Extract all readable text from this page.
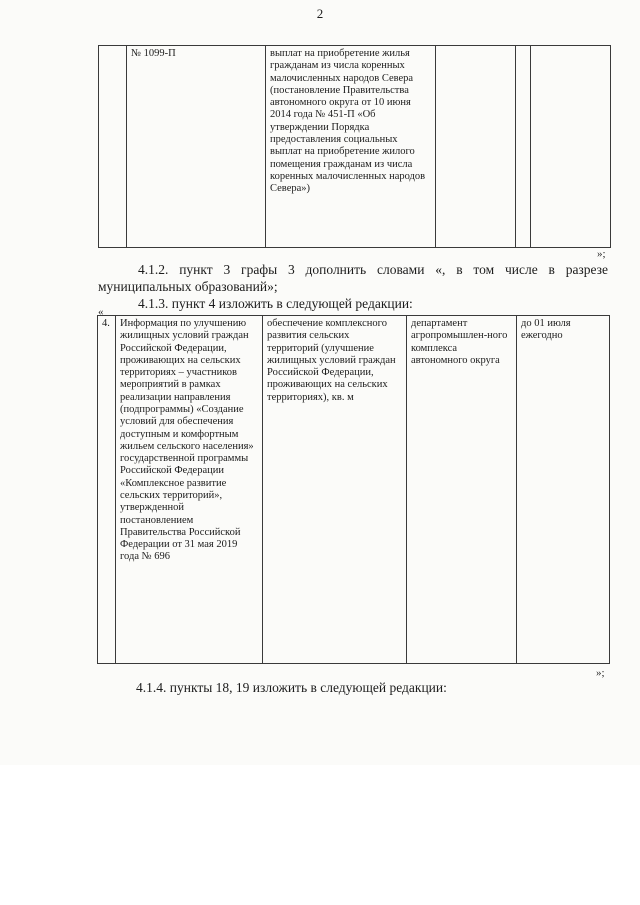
2
	№ 1099-П	выплат на приобретение жилья гражданам из числа коренных малочисленных народов Севера (постановление Правительства автономного округа от 10 июня 2014 года № 451-П «Об утверждении Порядка предоставления социальных выплат на приобретение жилого помещения гражданам из числа коренных малочисленных народов Севера»)			
»;
4.1.2. пункт 3 графы 3 дополнить словами «, в том числе в разрезе
муниципальных образований»;
4.1.3. пункт 4 изложить в следующей редакции:
«
4.	Информация по улучшению жилищных условий граждан Российской Федерации, проживающих на сельских территориях – участников мероприятий в рамках реализации направления (подпрограммы) «Создание условий для обеспечения доступным и комфортным жильем сельского населения» государственной программы Российской Федерации «Комплексное развитие сельских территорий», утвержденной постановлением Правительства Российской Федерации от 31 мая 2019 года № 696	обеспечение комплексного развития сельских территорий (улучшение жилищных условий граждан Российской Федерации, проживающих на сельских территориях), кв. м		департамент агропромышлен-ного комплекса автономного округа	до 01 июля ежегодно
»;
4.1.4. пункты 18, 19 изложить в следующей редакции:
